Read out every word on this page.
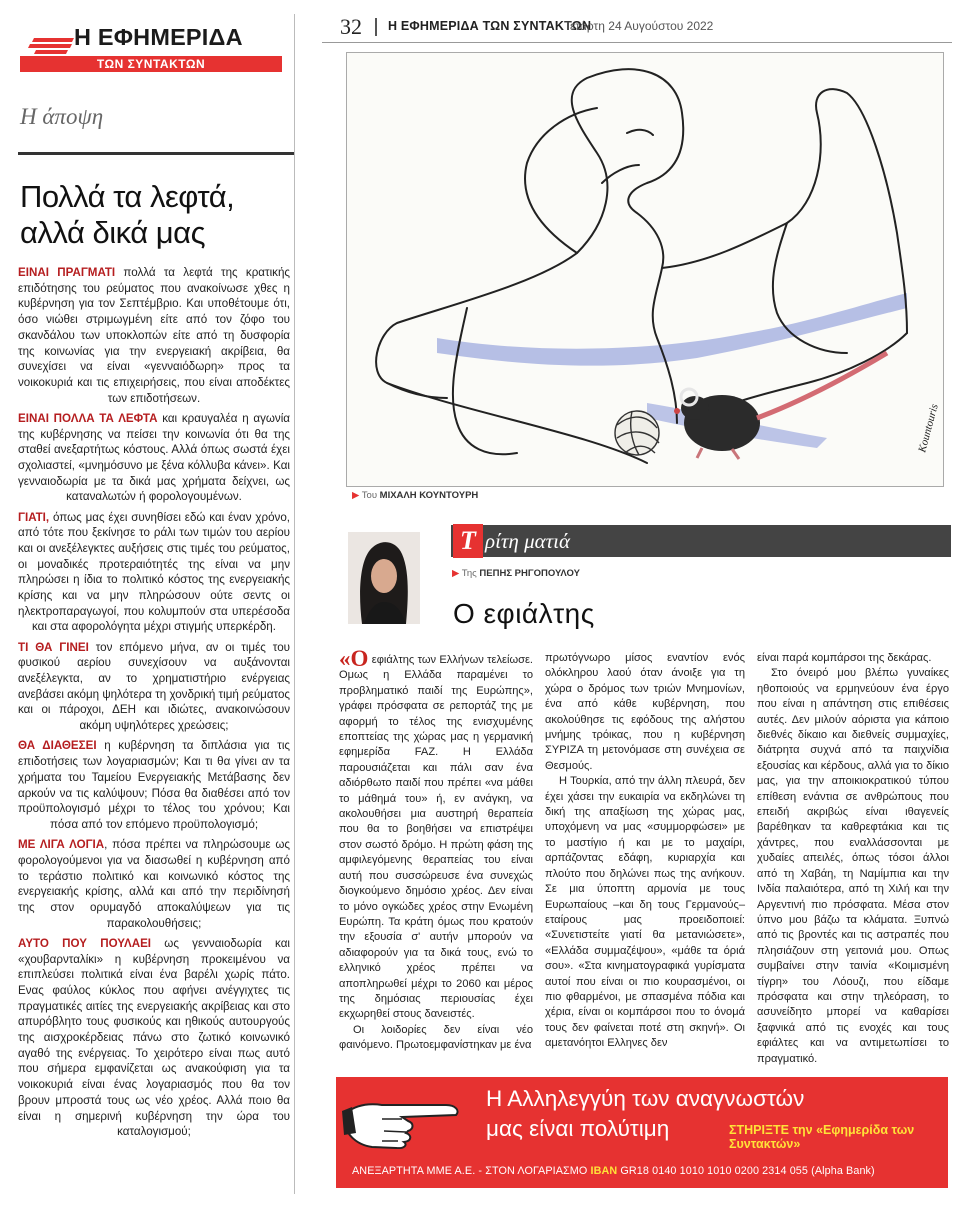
Η ΕΦΗΜΕΡΙΔΑ
ΤΩΝ ΣΥΝΤΑΚΤΩΝ
Η άποψη
Πολλά τα λεφτά,
αλλά δικά μας

ΕΙΝΑΙ ΠΡΑΓΜΑΤΙ πολλά τα λεφτά της κρατικής επιδότησης του ρεύματος που ανακοίνωσε χθες η κυβέρνηση για τον Σεπτέμβριο. Και υποθέτουμε ότι, όσο νιώθει στριμωγμένη είτε από τον ζόφο του σκανδάλου των υποκλοπών είτε από τη δυσφορία της κοινωνίας για την ενεργειακή ακρίβεια, θα συνεχίσει να είναι «γενναιόδωρη» προς τα νοικοκυριά και τις επιχειρήσεις, που είναι αποδέκτες των επιδοτήσεων.

ΕΙΝΑΙ ΠΟΛΛΑ ΤΑ ΛΕΦΤΑ και κραυγαλέα η αγωνία της κυβέρνησης να πείσει την κοινωνία ότι θα της σταθεί ανεξαρτήτως κόστους. Αλλά όπως σωστά έχει σχολιαστεί, «μνημόσυνο με ξένα κόλλυβα κάνει». Και γενναιοδωρία με τα δικά μας χρήματα δείχνει, ως καταναλωτών ή φορολογουμένων.

ΓΙΑΤΙ, όπως μας έχει συνηθίσει εδώ και έναν χρόνο, από τότε που ξεκίνησε το ράλι των τιμών του αερίου και οι ανεξέλεγκτες αυξήσεις στις τιμές του ρεύματος, οι μοναδικές προτεραιότητές της είναι να μην πληρώσει η ίδια το πολιτικό κόστος της ενεργειακής κρίσης και να μην πληρώσουν ούτε σεντς οι ηλεκτροπαραγωγοί, που κολυμπούν στα υπερέσοδα και στα αφορολόγητα μέχρι στιγμής υπερκέρδη.

ΤΙ ΘΑ ΓΙΝΕΙ τον επόμενο μήνα, αν οι τιμές του φυσικού αερίου συνεχίσουν να αυξάνονται ανεξέλεγκτα, αν το χρηματιστήριο ενέργειας ανεβάσει ακόμη ψηλότερα τη χονδρική τιμή ρεύματος και οι πάροχοι, ΔΕΗ και ιδιώτες, ανακοινώσουν ακόμη υψηλότερες χρεώσεις;

ΘΑ ΔΙΑΘΕΣΕΙ η κυβέρνηση τα διπλάσια για τις επιδοτήσεις των λογαριασμών; Και τι θα γίνει αν τα χρήματα του Ταμείου Ενεργειακής Μετάβασης δεν αρκούν να τις καλύψουν; Πόσα θα διαθέσει από τον προϋπολογισμό μέχρι το τέλος του χρόνου; Και πόσα από τον επόμενο προϋπολογισμό;

ΜΕ ΛΙΓΑ ΛΟΓΙΑ, πόσα πρέπει να πληρώσουμε ως φορολογούμενοι για να διασωθεί η κυβέρνηση από το τεράστιο πολιτικό και κοινωνικό κόστος της ενεργειακής κρίσης, αλλά και από την περιδίνησή της στον ορυμαγδό αποκαλύψεων για τις παρακολουθήσεις;

ΑΥΤΟ ΠΟΥ ΠΟΥΛΑΕΙ ως γενναιοδωρία και «χουβαρνταλίκι» η κυβέρνηση προκειμένου να επιπλεύσει πολιτικά είναι ένα βαρέλι χωρίς πάτο. Ενας φαύλος κύκλος που αφήνει ανέγγιχτες τις πραγματικές αιτίες της ενεργειακής ακρίβειας και στο απυρόβλητο τους φυσικούς και ηθικούς αυτουργούς της αισχροκέρδειας πάνω στο ζωτικό κοινωνικό αγαθό της ενέργειας. Το χειρότερο είναι πως αυτό που σήμερα εμφανίζεται ως ανακούφιση για τα νοικοκυριά είναι ένας λογαριασμός που θα τον βρουν μπροστά τους ως νέο χρέος. Αλλά ποιο θα είναι η σημερινή κυβέρνηση την ώρα του καταλογισμού;

32 Η ΕΦΗΜΕΡΙΔΑ ΤΩΝ ΣΥΝΤΑΚΤΩΝ
Τετάρτη 24 Αυγούστου 2022
Kountouris
▶ Του ΜΙΧΑΛΗ ΚΟΥΝΤΟΥΡΗ
Τ ρίτη ματιά
▶ Της ΠΕΠΗΣ ΡΗΓΟΠΟΥΛΟΥ
Ο εφιάλτης

«Ο εφιάλτης των Ελλήνων τελείωσε. Ομως η Ελλάδα παραμένει το προβληματικό παιδί της Ευρώπης», γράφει πρόσφατα σε ρεπορτάζ της με αφορμή το τέλος της ενισχυμένης εποπτείας της χώρας μας η γερμανική εφημερίδα FAZ. Η Ελλάδα παρουσιάζεται και πάλι σαν ένα αδιόρθωτο παιδί που πρέπει «να μάθει το μάθημά του» ή, εν ανάγκη, να ακολουθήσει μια αυστηρή θεραπεία που θα το βοηθήσει να επιστρέψει στον σωστό δρόμο. Η πρώτη φάση της αμφιλεγόμενης θεραπείας του είναι αυτή που συσσώρευσε ένα συνεχώς διογκούμενο δημόσιο χρέος. Δεν είναι το μόνο ογκώδες χρέος στην Ενωμένη Ευρώπη. Τα κράτη όμως που κρατούν την εξουσία σ' αυτήν μπορούν να αδιαφορούν για τα δικά τους, ενώ το ελληνικό χρέος πρέπει να αποπληρωθεί μέχρι το 2060 και μέρος της δημόσιας περιουσίας έχει εκχωρηθεί στους δανειστές.

Οι λοιδορίες δεν είναι νέο φαινόμενο. Πρωτοεμφανίστηκαν με ένα

πρωτόγνωρο μίσος εναντίον ενός ολόκληρου λαού όταν άνοιξε για τη χώρα ο δρόμος των τριών Μνημονίων, ένα από κάθε κυβέρνηση, που ακολούθησε τις εφόδους της αλήστου μνήμης τρόικας, που η κυβέρνηση ΣΥΡΙΖΑ τη μετονόμασε στη συνέχεια σε Θεσμούς.

Η Τουρκία, από την άλλη πλευρά, δεν έχει χάσει την ευκαιρία να εκδηλώνει τη δική της απαξίωση της χώρας μας, υποχόμενη να μας «συμμορφώσει» με το μαστίγιο ή και με το μαχαίρι, αρπάζοντας εδάφη, κυριαρχία και πλούτο που δηλώνει πως της ανήκουν. Σε μια ύποπτη αρμονία με τους Ευρωπαίους –και δη τους Γερμανούς– εταίρους μας προειδοποιεί: «Συνετιστείτε γιατί θα μετανιώσετε», «Ελλάδα συμμαζέψου», «μάθε τα όριά σου». «Στα κινηματογραφικά γυρίσματα αυτοί που είναι οι πιο κουρασμένοι, οι πιο φθαρμένοι, με σπασμένα πόδια και χέρια, είναι οι κομπάρσοι που το όνομά τους δεν φαίνεται ποτέ στη σκηνή». Οι αμετανόητοι Ελληνες δεν

είναι παρά κομπάρσοι της δεκάρας.

Στο όνειρό μου βλέπω γυναίκες ηθοποιούς να ερμηνεύουν ένα έργο που είναι η απάντηση στις επιθέσεις αυτές. Δεν μιλούν αόριστα για κάποιο διεθνές δίκαιο και διεθνείς συμμαχίες, διάτρητα συχνά από τα παιχνίδια εξουσίας και κέρδους, αλλά για το δίκιο μας, για την αποικιοκρατικού τύπου επίθεση ενάντια σε ανθρώπους που επειδή ακριβώς είναι ιθαγενείς βαρέθηκαν τα καθρεφτάκια και τις χάντρες, που εναλλάσσονται με χυδαίες απειλές, όπως τόσοι άλλοι από τη Χαβάη, τη Ναμίμπια και την Ινδία παλαιότερα, από τη Χιλή και την Αργεντινή πιο πρόσφατα. Μέσα στον ύπνο μου βάζω τα κλάματα. Ξυπνώ από τις βροντές και τις αστραπές που πλησιάζουν στη γειτονιά μου. Οπως συμβαίνει στην ταινία «Κοιμισμένη τίγρη» του Λόουζι, που είδαμε πρόσφατα και στην τηλεόραση, το ασυνείδητο μπορεί να καθαρίσει ξαφνικά από τις ενοχές και τους εφιάλτες και να αντιμετωπίσει το πραγματικό.

Η Αλληλεγγύη των αναγνωστών
μας είναι πολύτιμη	ΣΤΗΡΙΞΤΕ την «Εφημερίδα των Συντακτών»
ΑΝΕΞΑΡΤΗΤΑ ΜΜΕ Α.Ε. - ΣΤΟΝ ΛΟΓΑΡΙΑΣΜΟ IBAN GR18 0140 1010 1010 0200 2314 055 (Alpha Bank)
